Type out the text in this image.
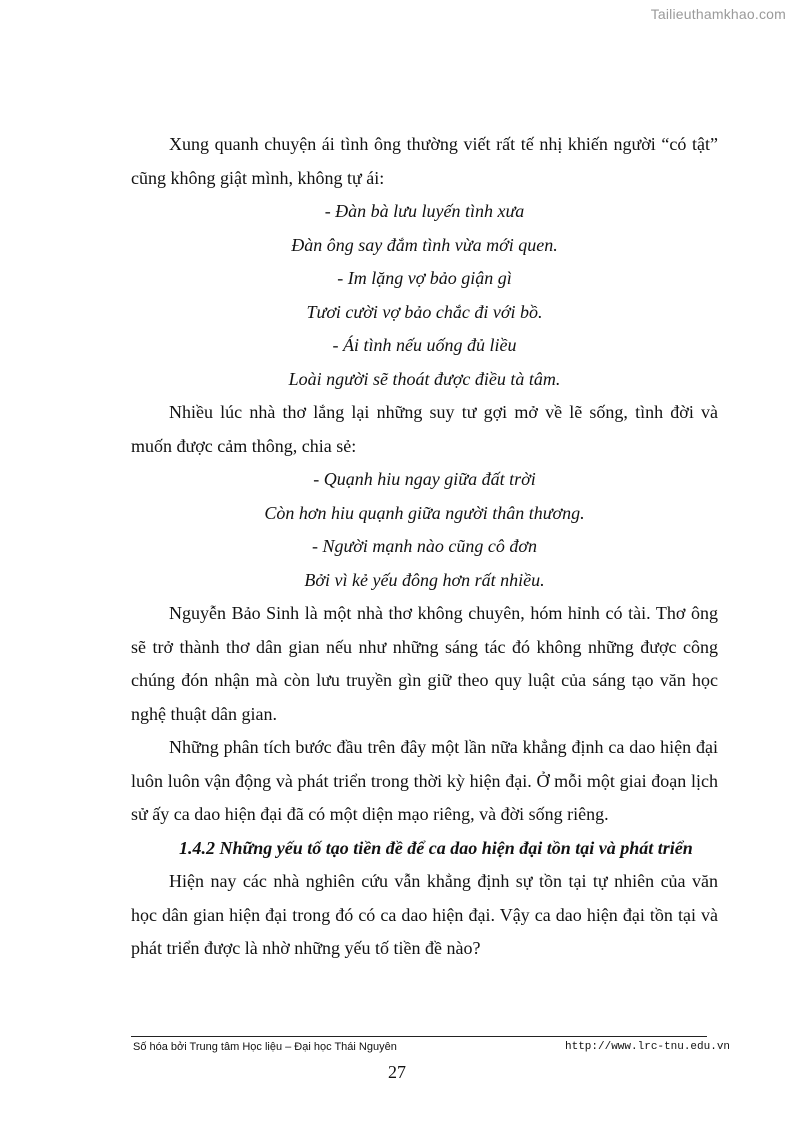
Tailieuthamkhao.com

Xung quanh chuyện ái tình ông thường viết rất tế nhị khiến người “có tật” cũng không giật mình, không tự ái:

- Đàn bà lưu luyến tình xưa
Đàn ông say đắm tình vừa mới quen.
- Im lặng vợ bảo giận gì
Tươi cười vợ bảo chắc đi với bồ.
- Ái tình nếu uống đủ liều
Loài người sẽ thoát được điều tà tâm.

Nhiều lúc nhà thơ lắng lại những suy tư gợi mở về lẽ sống, tình đời và muốn được cảm thông, chia sẻ:

- Quạnh hiu ngay giữa đất trời
Còn hơn hiu quạnh giữa người thân thương.
- Người mạnh nào cũng cô đơn
Bởi vì kẻ yếu đông hơn rất nhiều.

Nguyễn Bảo Sinh là một nhà thơ không chuyên, hóm hỉnh có tài. Thơ ông sẽ trở thành thơ dân gian nếu như những sáng tác đó không những được công chúng đón nhận mà còn lưu truyền gìn giữ theo quy luật của sáng tạo văn học nghệ thuật dân gian.

Những phân tích bước đầu trên đây một lần nữa khẳng định ca dao hiện đại luôn luôn vận động và phát triển trong thời kỳ hiện đại. Ở mỗi một giai đoạn lịch sử ấy ca dao hiện đại đã có một diện mạo riêng, và đời sống riêng.

1.4.2 Những yếu tố tạo tiền đề để ca dao hiện đại tồn tại và phát triển

Hiện nay các nhà nghiên cứu vẫn khẳng định sự tồn tại tự nhiên của văn học dân gian hiện đại trong đó có ca dao hiện đại. Vậy ca dao hiện đại tồn tại và phát triển được là nhờ những yếu tố tiền đề nào?

Số hóa bởi Trung tâm Học liệu – Đại học Thái Nguyên	http://www.lrc-tnu.edu.vn
27
